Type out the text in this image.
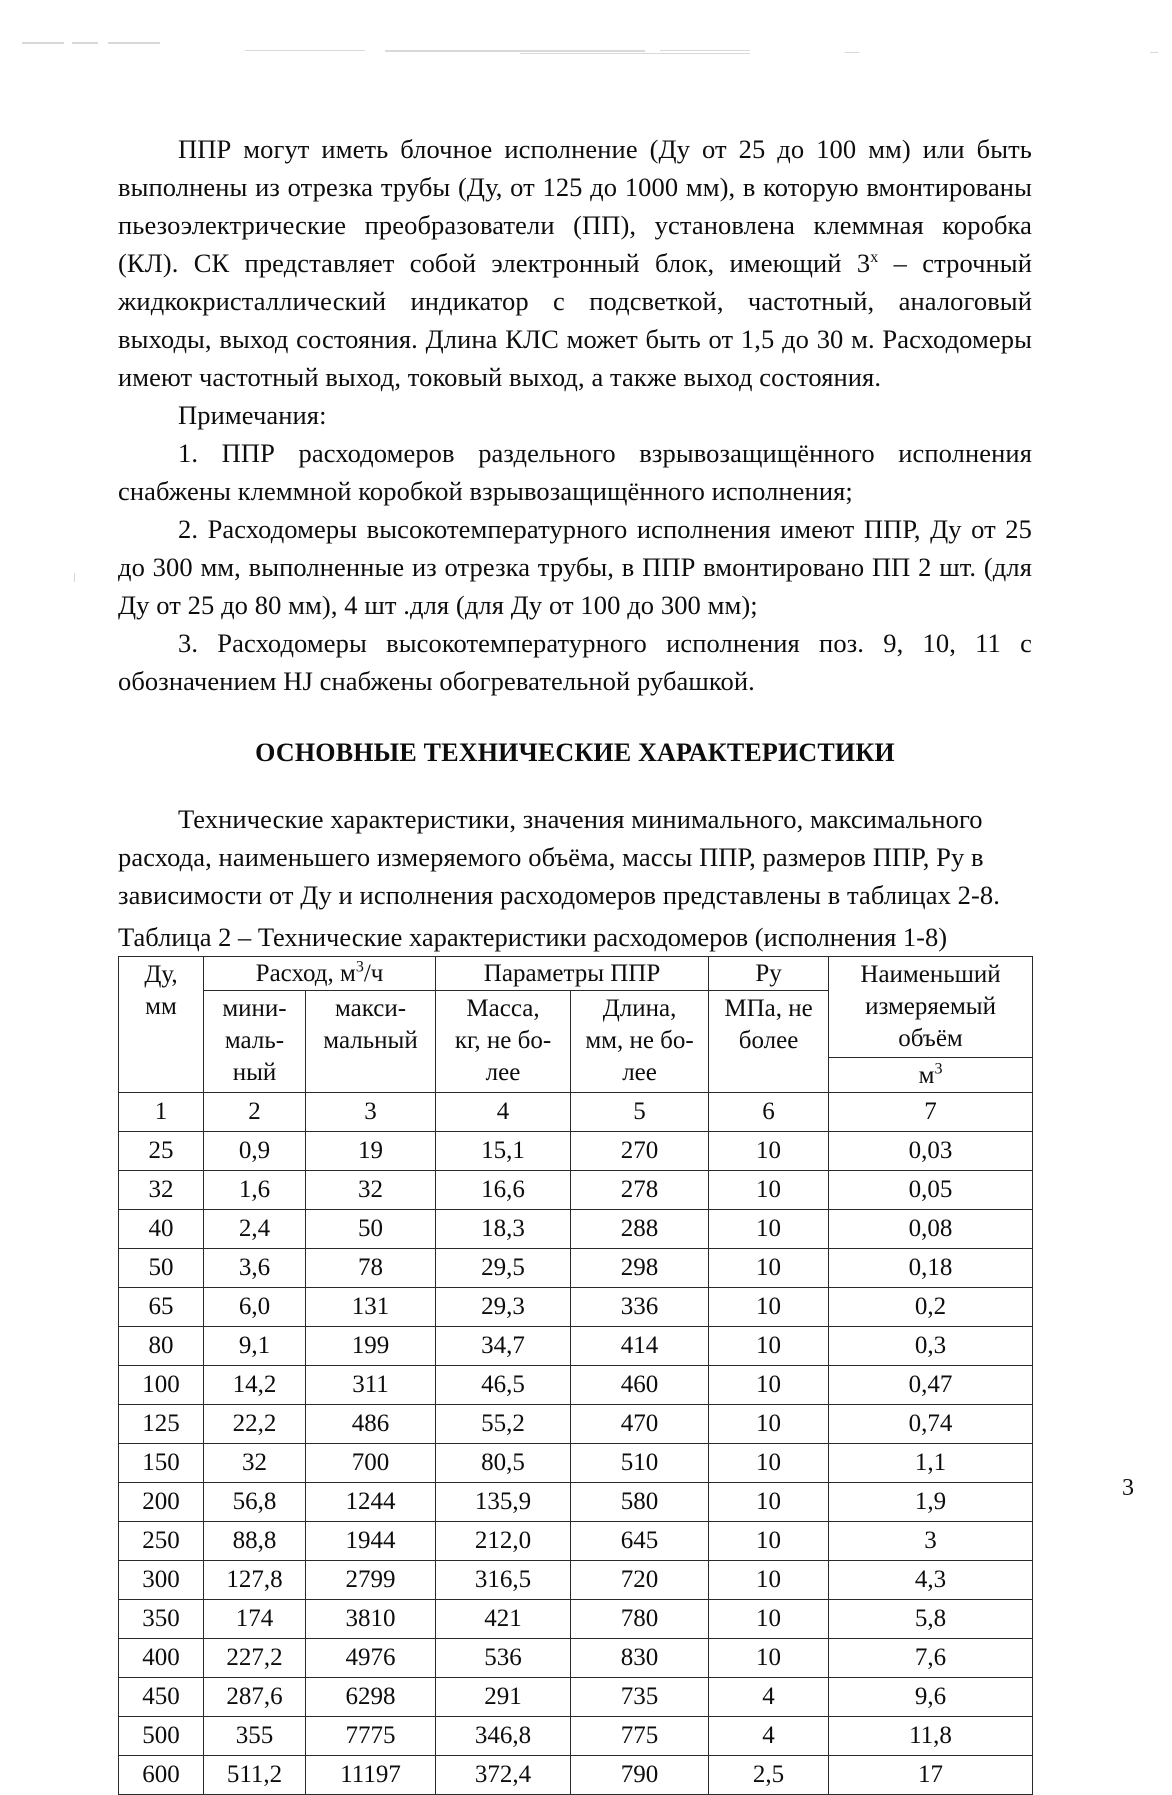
ППР могут иметь блочное исполнение (Ду от 25 до 100 мм) или быть выполнены из отрезка трубы (Ду, от 125 до 1000 мм), в которую вмонтированы пьезоэлектрические преобразователи (ПП), установлена клеммная коробка (КЛ). СК представляет собой электронный блок, имеющий 3$^x$ – строчный жидкокристаллический индикатор с подсветкой, частотный, аналоговый выходы, выход состояния. Длина КЛС может быть от 1,5 до 30 м. Расходомеры имеют частотный выход, токовый выход, а также выход состояния.

Примечания:

1. ППР расходомеров раздельного взрывозащищённого исполнения снабжены клеммной коробкой взрывозащищённого исполнения;

2. Расходомеры высокотемпературного исполнения имеют ППР, Ду от 25 до 300 мм, выполненные из отрезка трубы, в ППР вмонтировано ПП 2 шт. (для Ду от 25 до 80 мм), 4 шт .для (для Ду от 100 до 300 мм);

3. Расходомеры высокотемпературного исполнения поз. 9, 10, 11 с обозначением HJ снабжены обогревательной рубашкой.

ОСНОВНЫЕ ТЕХНИЧЕСКИЕ ХАРАКТЕРИСТИКИ

Технические характеристики, значения минимального, максимального расхода, наименьшего измеряемого объёма, массы ППР, размеров ППР, Ру в зависимости от Ду и исполнения расходомеров представлены в таблицах 2-8.

Таблица 2 – Технические характеристики расходомеров (исполнения 1-8)

Ду,
мм	Расход, $м^3/ч$		Параметры ППР		Ру	Наименьший
измеряемый
объём
$м^3$

	мини-
маль-
ный	макси-
мальный	Масса,
кг, не бо-
лее	Длина,
мм, не бо-
лее	МПа, не
более	

1	2	3	4	5	6	7
25	0,9	19	15,1	270	10	0,03
32	1,6	32	16,6	278	10	0,05
40	2,4	50	18,3	288	10	0,08
50	3,6	78	29,5	298	10	0,18
65	6,0	131	29,3	336	10	0,2
80	9,1	199	34,7	414	10	0,3
100	14,2	311	46,5	460	10	0,47
125	22,2	486	55,2	470	10	0,74
150	32	700	80,5	510	10	1,1
200	56,8	1244	135,9	580	10	1,9
250	88,8	1944	212,0	645	10	3
300	127,8	2799	316,5	720	10	4,3
350	174	3810	421	780	10	5,8
400	227,2	4976	536	830	10	7,6
450	287,6	6298	291	735	4	9,6
500	355	7775	346,8	775	4	11,8
600	511,2	11197	372,4	790	2,5	17
3
